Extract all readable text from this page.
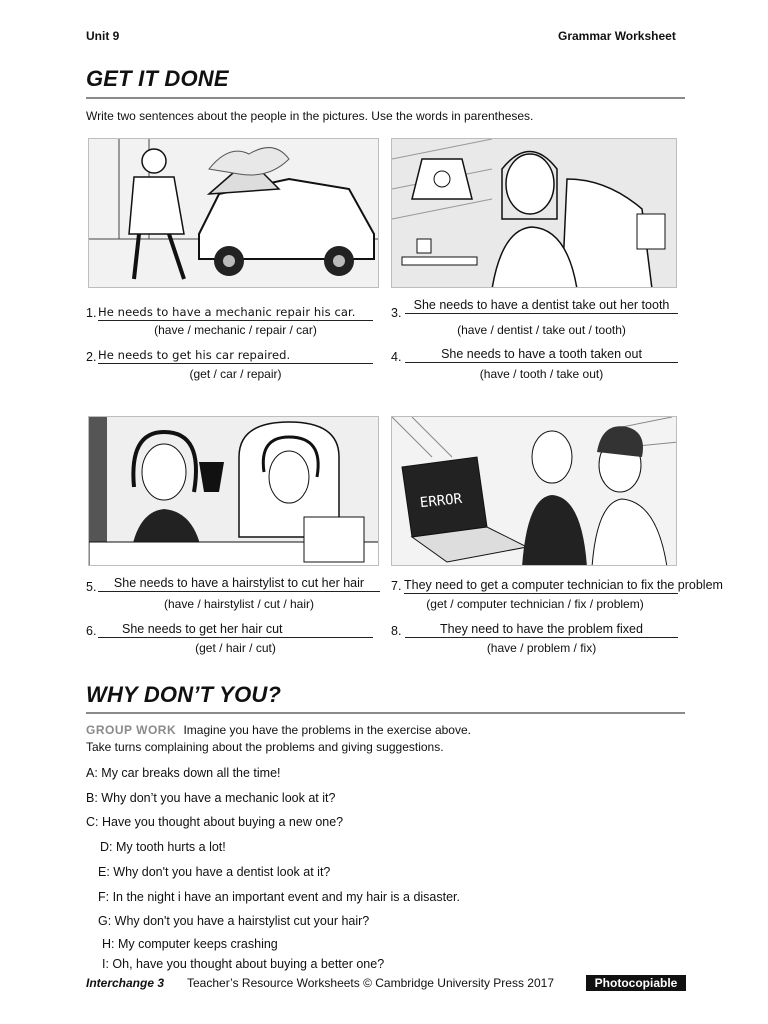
Unit 9	Grammar Worksheet
GET IT DONE
Write two sentences about the people in the pictures. Use the words in parentheses.
1. He needs to have a mechanic repair his car.
(have / mechanic / repair / car)
2. He needs to get his car repaired.
(get / car / repair)
3.
She needs to have a dentist take out her tooth
(have / dentist / take out / tooth)
4.	She needs to have a tooth taken out
(have / tooth / take out)
ERROR
5.	She needs to have a hairstylist to cut her hair
(have / hairstylist / cut / hair)
6.	She needs to get her hair cut
(get / hair / cut)
7. They need to get a computer technician to fix the problem
(get / computer technician / fix / problem)
8.	They need to have the problem fixed
(have / problem / fix)
WHY DON’T YOU?
GROUP WORK Imagine you have the problems in the exercise above.
Take turns complaining about the problems and giving suggestions.
A: My car breaks down all the time!
B: Why don’t you have a mechanic look at it?
C: Have you thought about buying a new one?
D: My tooth hurts a lot!
E: Why don't you have a dentist look at it?
F: In the night i have an important event and my hair is a disaster.
G: Why don't you have a hairstylist cut your hair?
H: My computer keeps crashing
I: Oh, have you thought about buying a better one?
Interchange 3 Teacher’s Resource Worksheets © Cambridge University Press 2017	Photocopiable
